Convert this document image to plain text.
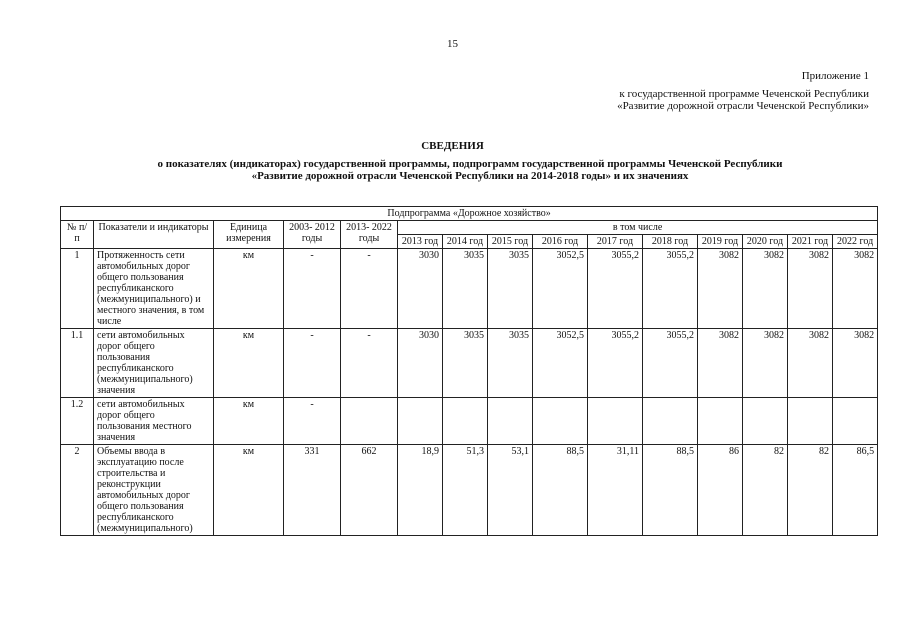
15
Приложение 1
к государственной программе Чеченской Республики
«Развитие дорожной отрасли Чеченской Республики»
СВЕДЕНИЯ
о показателях (индикаторах) государственной программы, подпрограмм государственной программы Чеченской Республики
«Развитие дорожной отрасли Чеченской Республики на 2014-2018 годы» и их значениях
Подпрограмма «Дорожное хозяйство»														
№ п/ п	Показатели и индикаторы	Единица измерения	2003- 2012 годы	2013- 2022 годы	в том числе									
					2013 год	2014 год	2015 год	2016 год	2017 год	2018 год	2019 год	2020 год	2021 год	2022 год
1	Протяженность сети автомобильных дорог общего пользования республиканского (межмуниципального) и местного значения, в том числе	км	-	-	3030	3035	3035	3052,5	3055,2	3055,2	3082	3082	3082	3082
1.1	сети автомобильных дорог общего пользования республиканского (межмуниципального) значения	км	-	-	3030	3035	3035	3052,5	3055,2	3055,2	3082	3082	3082	3082
1.2	сети автомобильных дорог общего пользования местного значения	км	-											
2	Объемы ввода в эксплуатацию после строительства и реконструкции автомобильных дорог общего пользования республиканского (межмуниципального)	км	331	662	18,9	51,3	53,1	88,5	31,11	88,5	86	82	82	86,5
